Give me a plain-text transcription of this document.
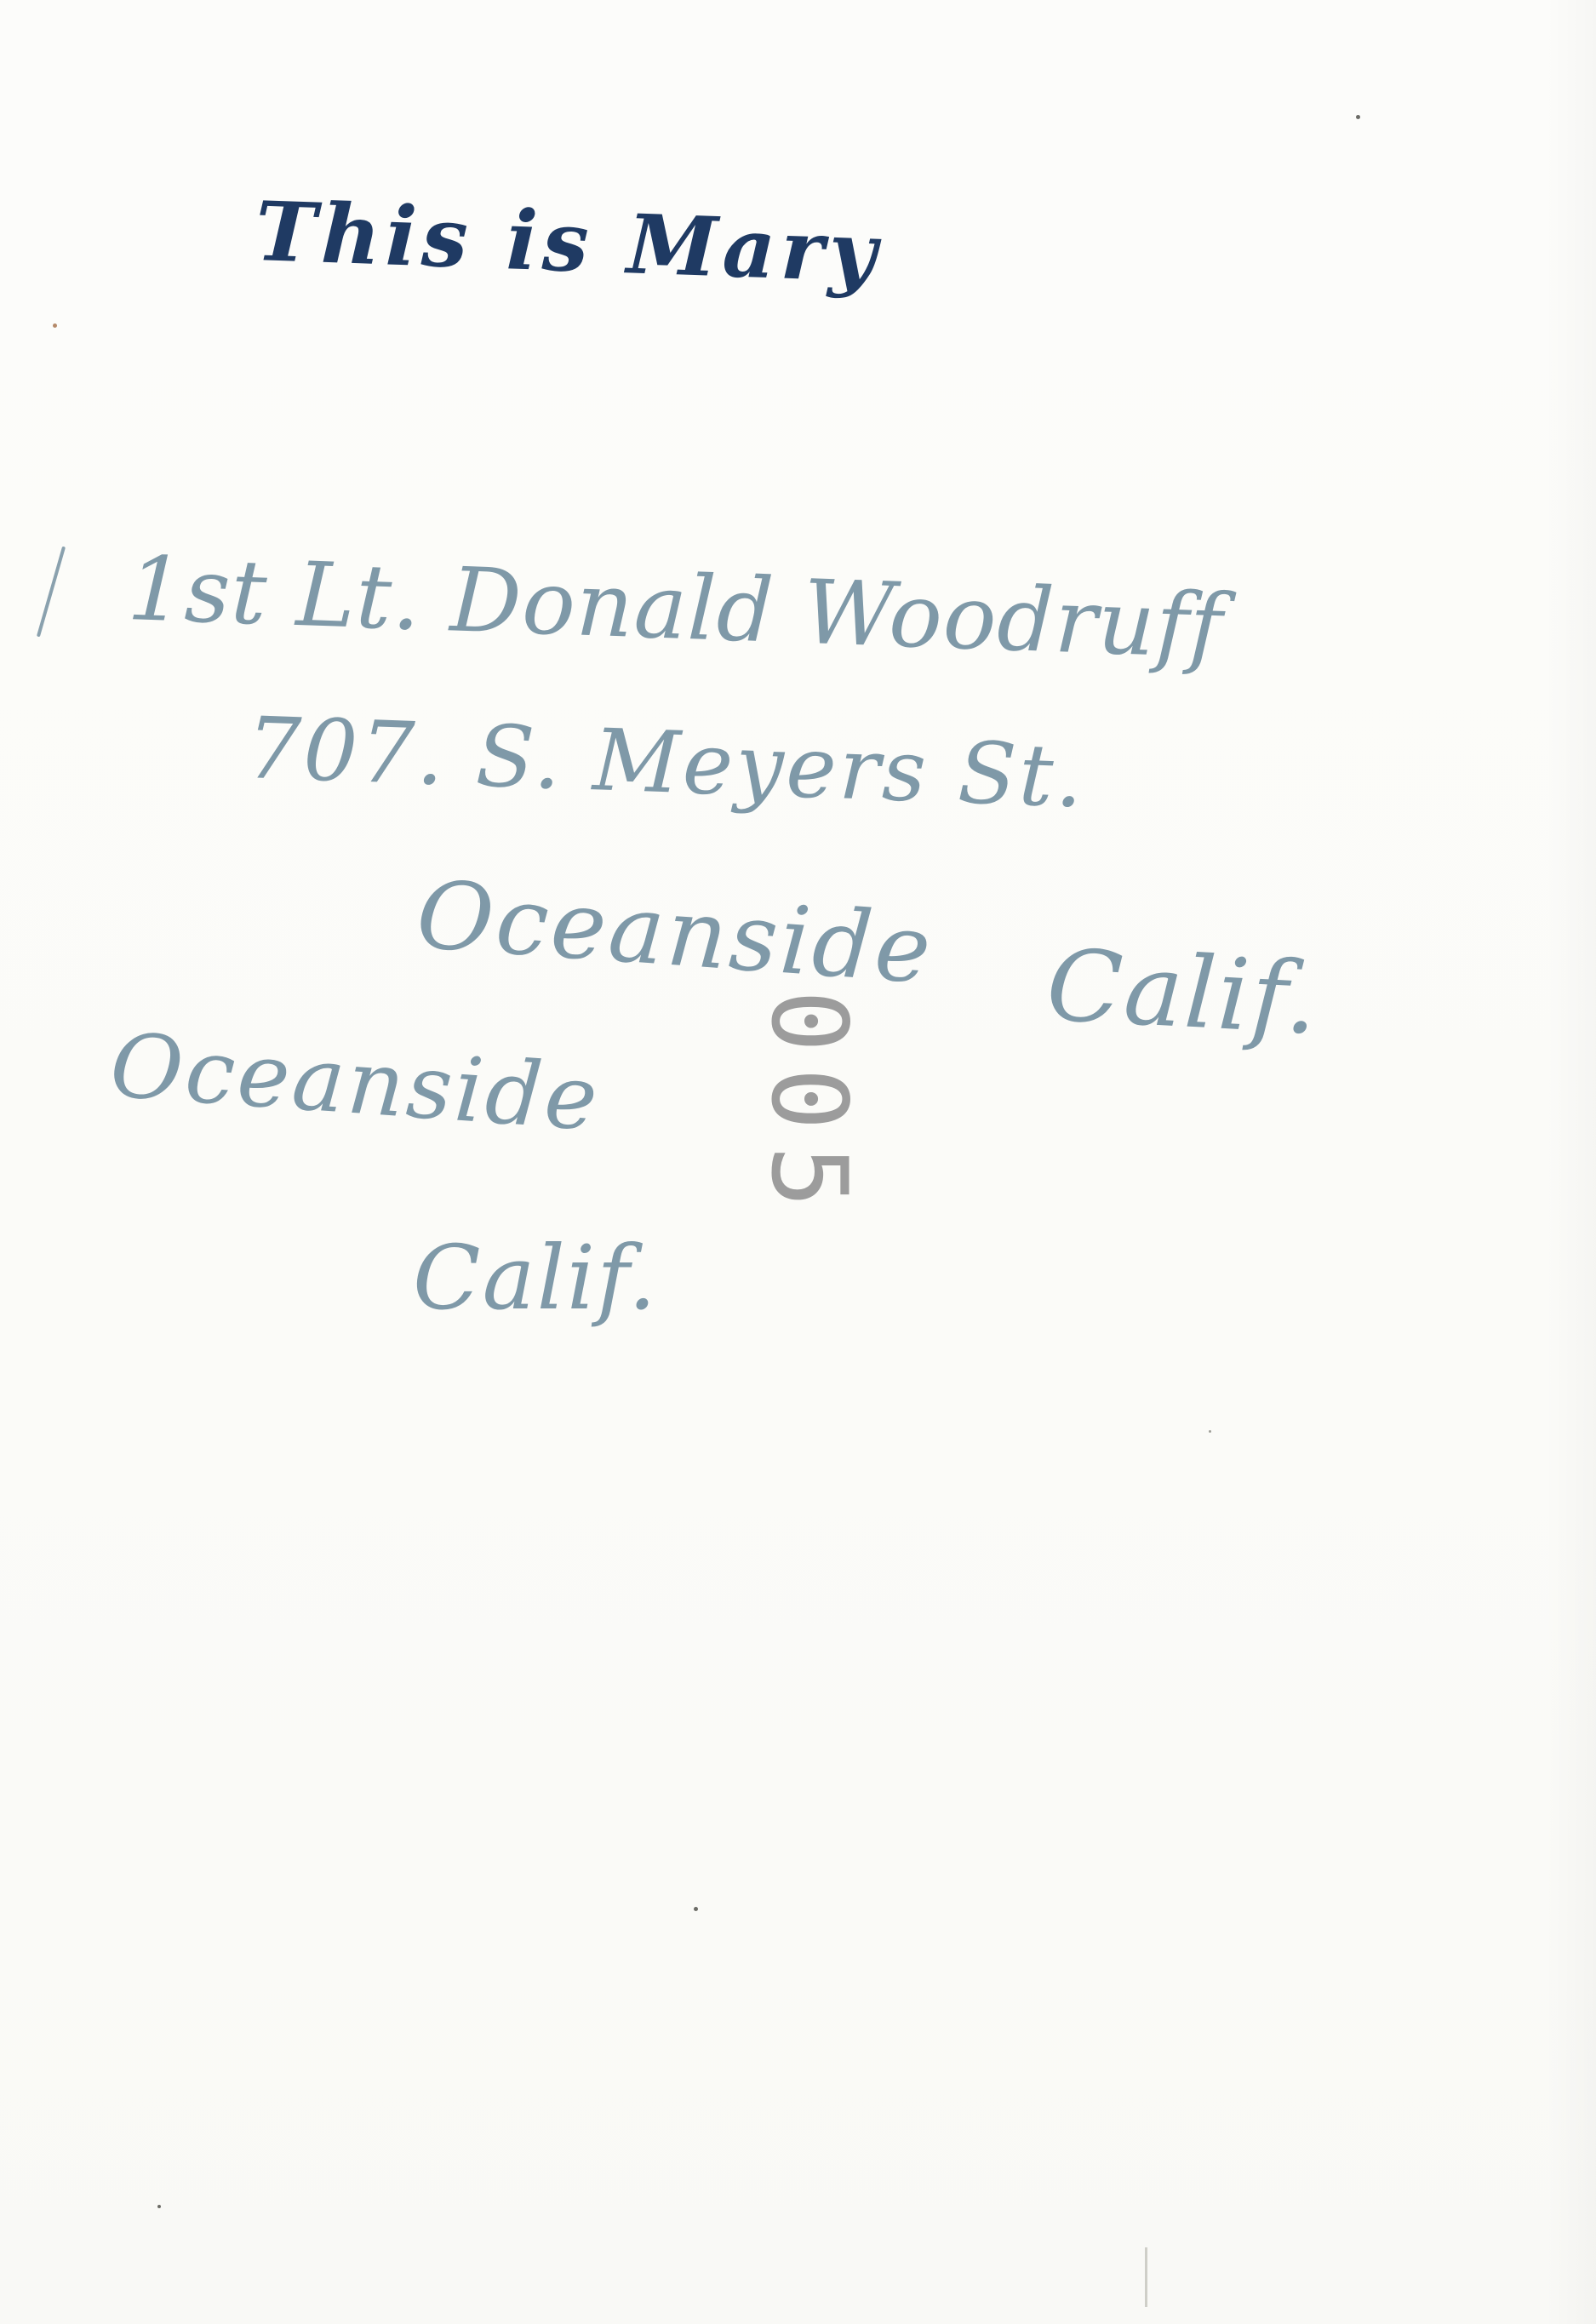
This is Mary

1st Lt. Donald Woodruff

707. S. Meyers St.

Oceanside Calif.

Oceanside

Calif.

005
